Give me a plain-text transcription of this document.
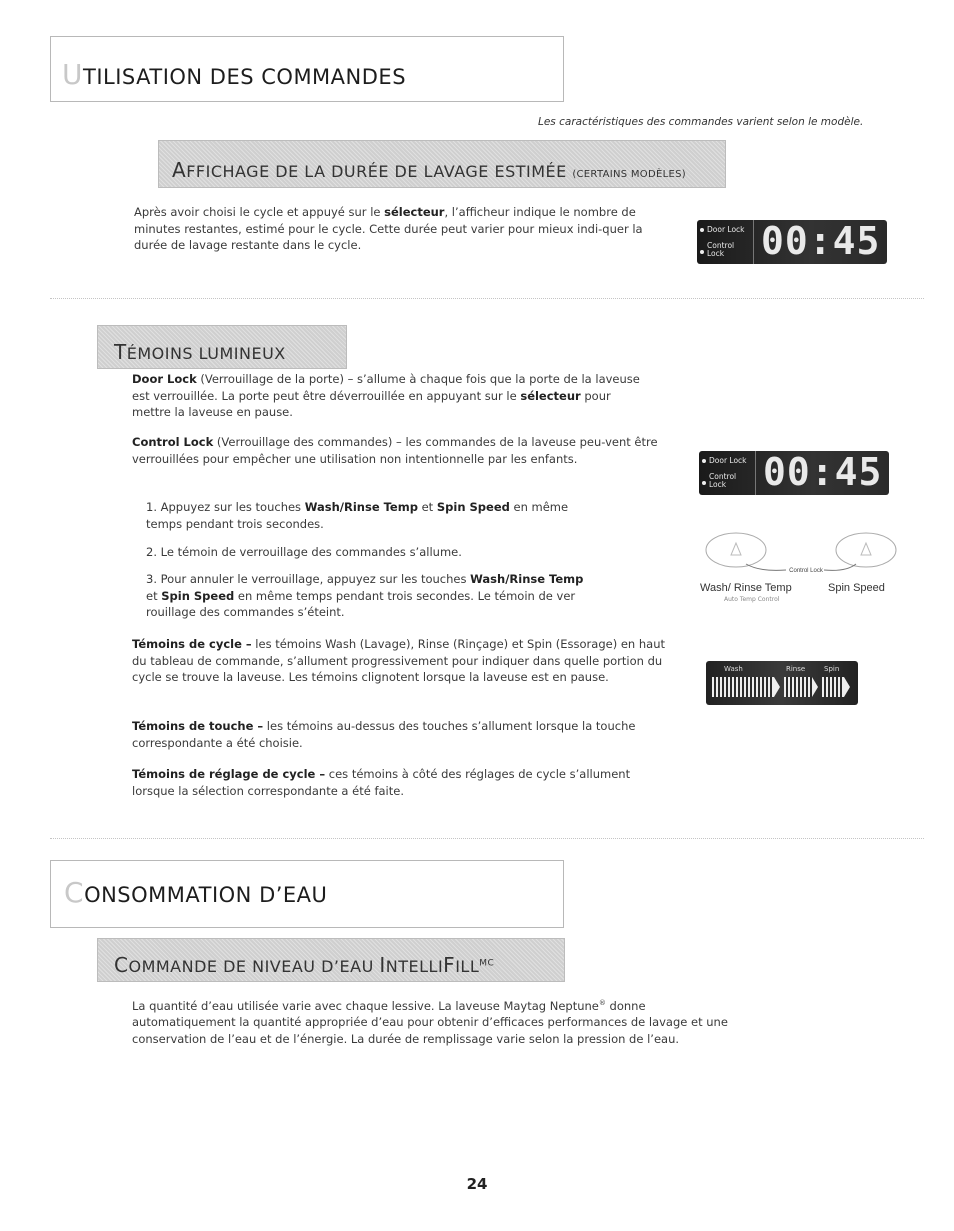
UTILISATION DES COMMANDES
Les caractéristiques des commandes varient selon le modèle.
AFFICHAGE DE LA DURÉE DE LAVAGE ESTIMÉE (CERTAINS MODÈLES)
Après avoir choisi le cycle et appuyé sur le sélecteur, l’afficheur indique le nombre de minutes restantes, estimé pour le cycle. Cette durée peut varier pour mieux indi-quer la durée de lavage restante dans le cycle.
Door Lock
Control
Lock 00:45
TÉMOINS LUMINEUX
Door Lock (Verrouillage de la porte) – s’allume à chaque fois que la porte de la laveuse est verrouillée. La porte peut être déverrouillée en appuyant sur le sélecteur pour mettre la laveuse en pause.
Control Lock (Verrouillage des commandes) – les commandes de la laveuse peu-vent être verrouillées pour empêcher une utilisation non intentionnelle par les enfants.
1. Appuyez sur les touches Wash/Rinse Temp et Spin Speed en même temps pendant trois secondes.
2. Le témoin de verrouillage des commandes s’allume.
3. Pour annuler le verrouillage, appuyez sur les touches Wash/Rinse Temp et Spin Speed en même temps pendant trois secondes. Le témoin de ver rouillage des commandes s’éteint.
Témoins de cycle – les témoins Wash (Lavage), Rinse (Rinçage) et Spin (Essorage) en haut du tableau de commande, s’allument progressivement pour indiquer dans quelle portion du cycle se trouve la laveuse. Les témoins clignotent lorsque la laveuse est en pause.
Témoins de touche – les témoins au-dessus des touches s’allument lorsque la touche correspondante a été choisie.
Témoins de réglage de cycle – ces témoins à côté des réglages de cycle s’allument lorsque la sélection correspondante a été faite.
Door Lock
Control
Lock 00:45
Control Lock
Wash/ Rinse Temp
Auto Temp Control
Spin Speed
Wash	Rinse	Spin
CONSOMMATION D’EAU
COMMANDE DE NIVEAU D’EAU $INTELLIFILL^{MC}$
La quantité d’eau utilisée varie avec chaque lessive. La laveuse Maytag Neptune® donne automatiquement la quantité appropriée d’eau pour obtenir d’efficaces performances de lavage et une conservation de l’eau et de l’énergie. La durée de remplissage varie selon la pression de l’eau.
24
